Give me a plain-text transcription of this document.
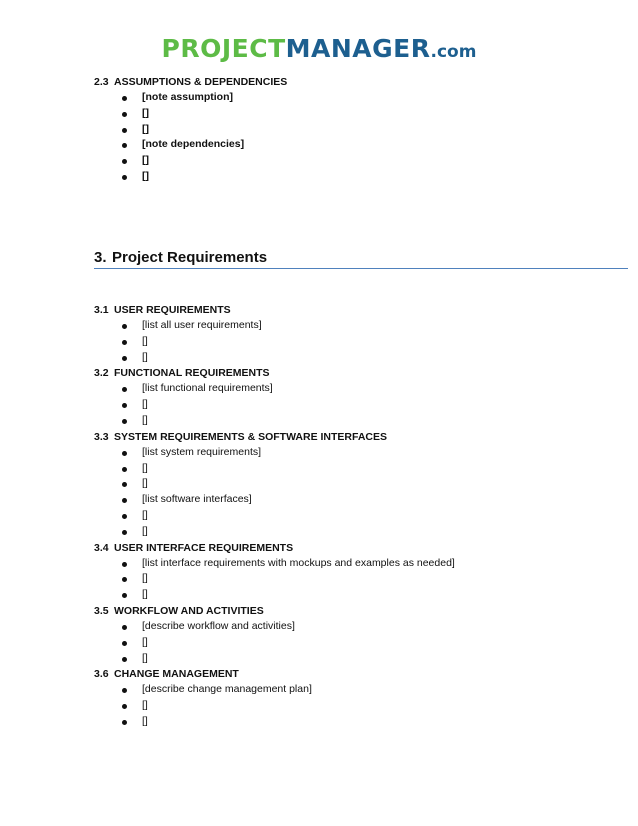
PROJECTMANAGER.com
2.3 ASSUMPTIONS & DEPENDENCIES
[note assumption]
[]
[]
[note dependencies]
[]
[]
3. Project Requirements
3.1 USER REQUIREMENTS
[list all user requirements]
[]
[]
3.2 FUNCTIONAL REQUIREMENTS
[list functional requirements]
[]
[]
3.3 SYSTEM REQUIREMENTS & SOFTWARE INTERFACES
[list system requirements]
[]
[]
[list software interfaces]
[]
[]
3.4 USER INTERFACE REQUIREMENTS
[list interface requirements with mockups and examples as needed]
[]
[]
3.5 WORKFLOW AND ACTIVITIES
[describe workflow and activities]
[]
[]
3.6 CHANGE MANAGEMENT
[describe change management plan]
[]
[]
